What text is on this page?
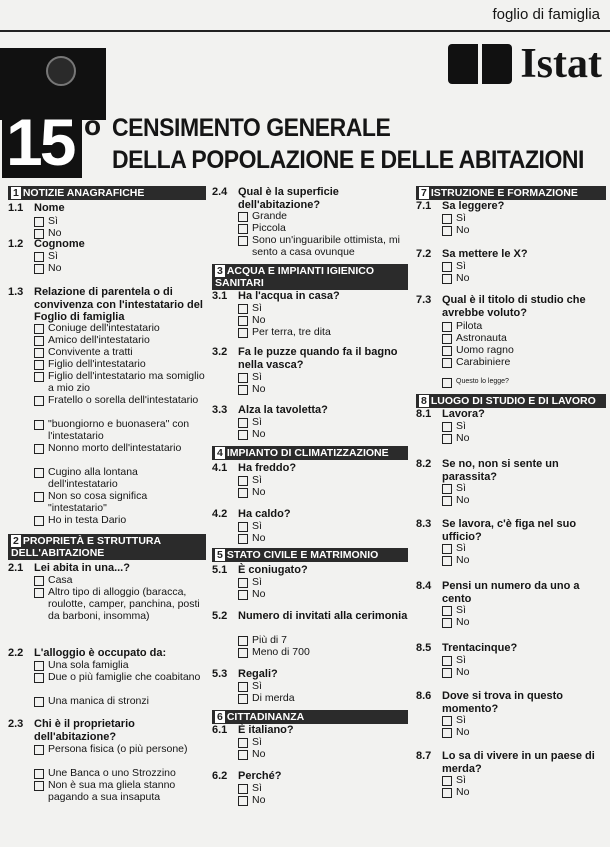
foglio di famiglia
15 o CENSIMENTO GENERALE
DELLA POPOLAZIONE E DELLE ABITAZIONI
Istat
1 NOTIZIE ANAGRAFICHE
1.1 Nome
Sì
No
1.2 Cognome
Sì
No
1.3 Relazione di parentela o di convivenza con l'intestatario del Foglio di famiglia
Coniuge dell'intestatario
Amico dell'intestatario
Convivente a tratti
Figlio dell'intestatario
Figlio dell'intestatario ma somiglio a mio zio
Fratello o sorella dell'intestatario
"buongiorno e buonasera" con l'intestatario
Nonno morto dell'intestatario
Cugino alla lontana dell'intestatario
Non so cosa significa "intestatario"
Ho in testa Dario
2 PROPRIETÀ E STRUTTURA DELL'ABITAZIONE
2.1 Lei abita in una...?
Casa
Altro tipo di alloggio (baracca, roulotte, camper, panchina, posti da barboni, insomma)
2.2 L'alloggio è occupato da:
Una sola famiglia
Due o più famiglie che coabitano
Una manica di stronzi
2.3 Chi è il proprietario dell'abitazione?
Persona fisica (o più persone)
Une Banca o uno Strozzino
Non è sua ma gliela stanno pagando a sua insaputa
2.4 Qual è la superficie dell'abitazione?
Grande
Piccola
Sono un'inguaribile ottimista, mi sento a casa ovunque
3 ACQUA E IMPIANTI IGIENICO SANITARI
3.1 Ha l'acqua in casa?
Sì
No
Per terra, tre dita
3.2 Fa le puzze quando fa il bagno nella vasca?
Sì
No
3.3 Alza la tavoletta?
Sì
No
4 IMPIANTO DI CLIMATIZZAZIONE
4.1 Ha freddo?
Sì
No
4.2 Ha caldo?
Sì
No
5 STATO CIVILE E MATRIMONIO
5.1 È coniugato?
Sì
No
5.2 Numero di invitati alla cerimonia
Più di 7
Meno di 700
5.3 Regali?
Sì
Di merda
6 CITTADINANZA
6.1 È italiano?
Sì
No
6.2 Perché?
Sì
No
7 ISTRUZIONE E FORMAZIONE
7.1 Sa leggere?
Sì
No
7.2 Sa mettere le X?
Sì
No
7.3 Qual è il titolo di studio che avrebbe voluto?
Pilota
Astronauta
Uomo ragno
Carabiniere
Questo lo legge?
8 LUOGO DI STUDIO E DI LAVORO
8.1 Lavora?
Sì
No
8.2 Se no, non si sente un parassita?
Sì
No
8.3 Se lavora, c'è figa nel suo ufficio?
Sì
No
8.4 Pensi un numero da uno a cento
Sì
No
8.5 Trentacinque?
Sì
No
8.6 Dove si trova in questo momento?
Sì
No
8.7 Lo sa di vivere in un paese di merda?
Sì
No
